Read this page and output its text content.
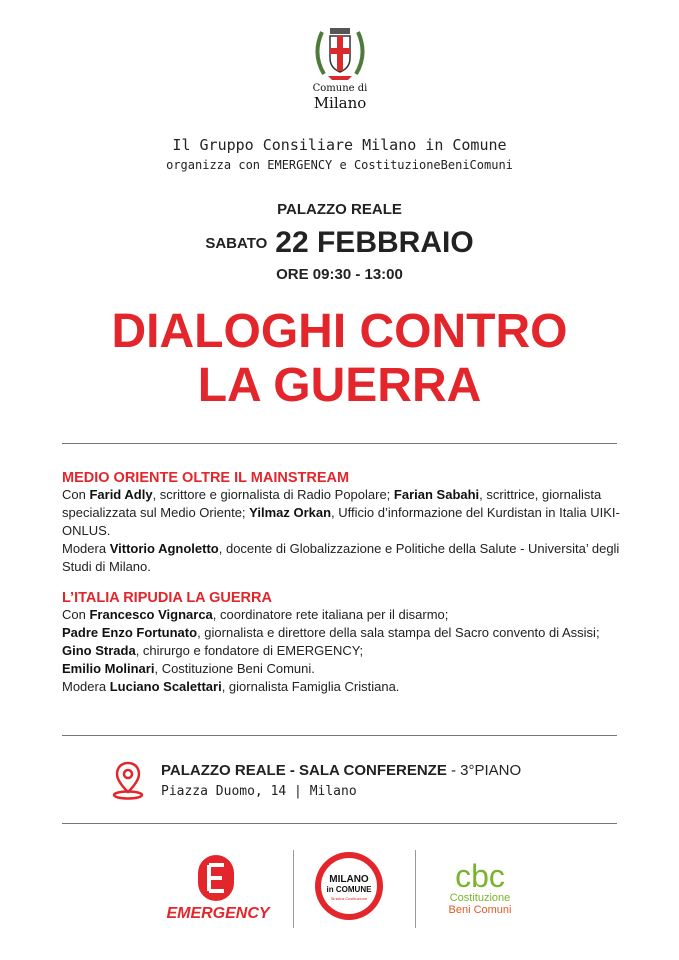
Comune di
Milano
Il Gruppo Consiliare Milano in Comune
organizza con EMERGENCY e CostituzioneBeniComuni
PALAZZO REALE
SABATO 22 FEBBRAIO
ORE 09:30 - 13:00
DIALOGHI CONTRO
LA GUERRA
MEDIO ORIENTE OLTRE IL MAINSTREAM
Con Farid Adly, scrittore e giornalista di Radio Popolare; Farian Sabahi, scrittrice, giornalista specializzata sul Medio Oriente; Yilmaz Orkan, Ufficio d’informazione del Kurdistan in Italia UIKI-ONLUS.
Modera Vittorio Agnoletto, docente di Globalizzazione e Politiche della Salute - Universita’ degli Studi di Milano.
L’ITALIA RIPUDIA LA GUERRA
Con Francesco Vignarca, coordinatore rete italiana per il disarmo;
Padre Enzo Fortunato, giornalista e direttore della sala stampa del Sacro convento di Assisi; Gino Strada, chirurgo e fondatore di EMERGENCY;
Emilio Molinari, Costituzione Beni Comuni.
Modera Luciano Scalettari, giornalista Famiglia Cristiana.
PALAZZO REALE - SALA CONFERENZE - 3°PIANO
Piazza Duomo, 14 | Milano
EMERGENCY
MILANO
in COMUNE
Sinistra Costituzione
cbc
Costituzione
Beni Comuni
